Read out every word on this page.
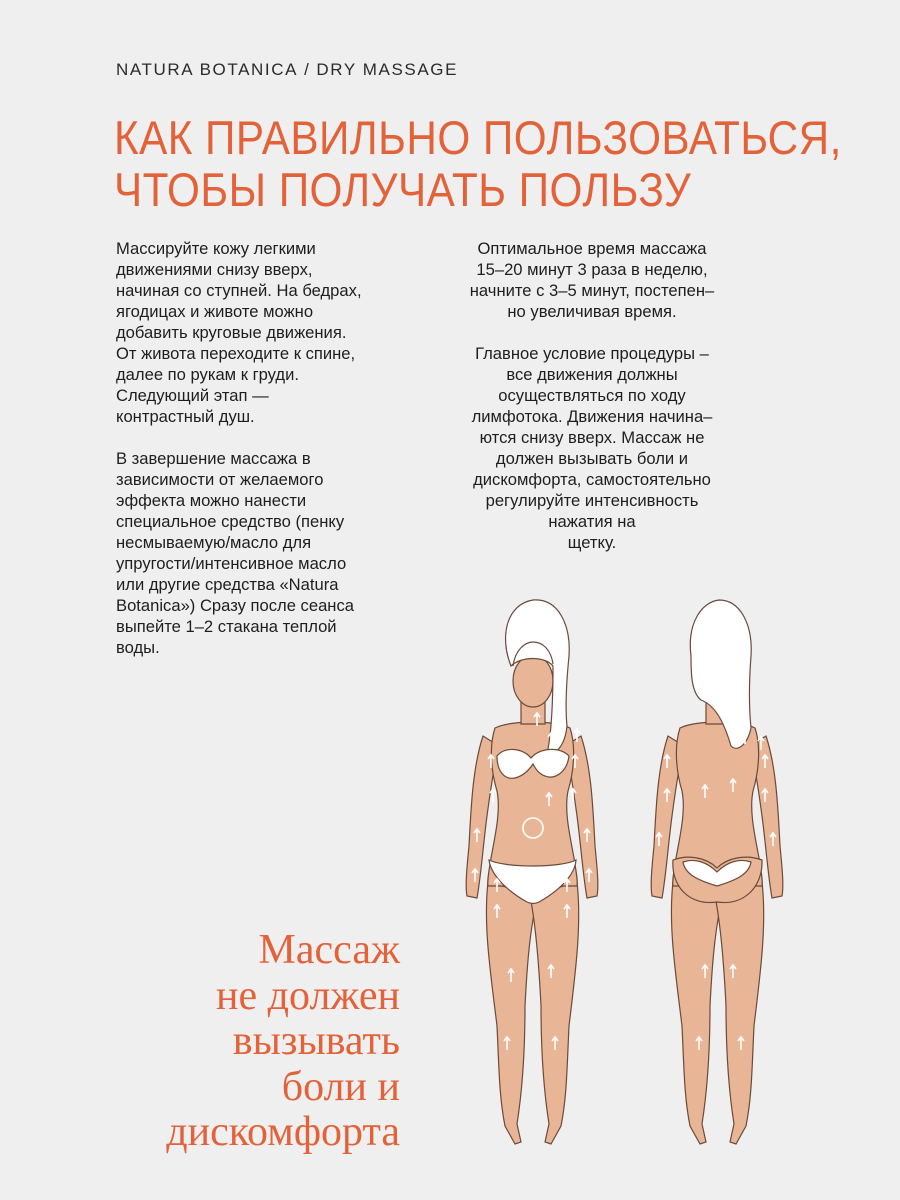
NATURA BOTANICA / DRY MASSAGE
КАК ПРАВИЛЬНО ПОЛЬЗОВАТЬСЯ,
ЧТОБЫ ПОЛУЧАТЬ ПОЛЬЗУ

Массируйте кожу легкими
движениями снизу вверх,
начиная со ступней. На бедрах,
ягодицах и животе можно
добавить круговые движения.
От живота переходите к спине,
далее по рукам к груди.
Следующий этап —
контрастный душ.

В завершение массажа в
зависимости от желаемого
эффекта можно нанести
специальное средство (пенку
несмываемую/масло для
упругости/интенсивное масло
или другие средства «Natura
Botanica») Сразу после сеанса
выпейте 1–2 стакана теплой
воды.

Оптимальное время массажа
15–20 минут 3 раза в неделю,
начните с 3–5 минут, постепен–
но увеличивая время.

Главное условие процедуры –
все движения должны
осуществляться по ходу
лимфотока. Движения начина–
ются снизу вверх. Массаж не
должен вызывать боли и
дискомфорта, самостоятельно
регулируйте интенсивность
нажатия на
щетку.

Массаж
не должен
вызывать
боли и
дискомфорта
